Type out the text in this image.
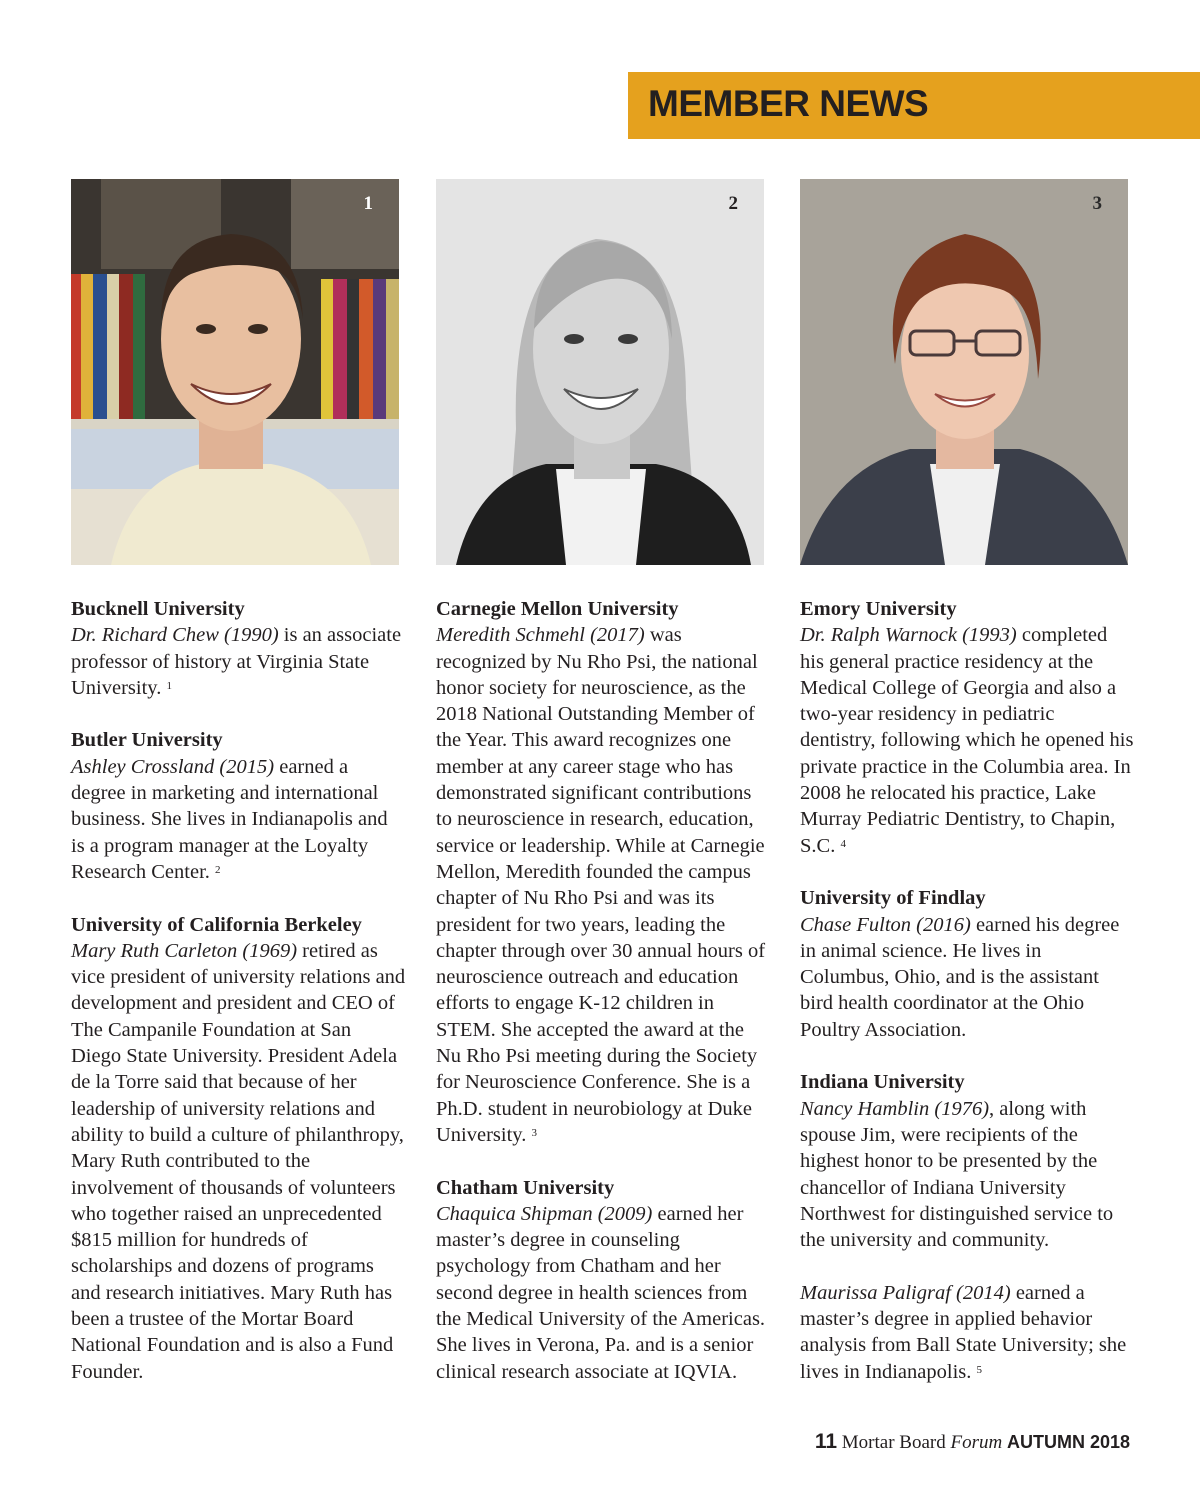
MEMBER NEWS
1	2	3
Bucknell University

Dr. Richard Chew (1990) is an associate professor of history at Virginia State University. $^1$

Butler University

Ashley Crossland (2015) earned a degree in marketing and international business. She lives in Indianapolis and is a program manager at the Loyalty Research Center. $^2$

University of California Berkeley

Mary Ruth Carleton (1969) retired as vice president of university relations and development and president and CEO of The Campanile Foundation at San Diego State University. President Adela de la Torre said that because of her leadership of university relations and ability to build a culture of philanthropy, Mary Ruth contributed to the involvement of thousands of volunteers who together raised an unprecedented $815 million for hundreds of scholarships and dozens of programs and research initiatives. Mary Ruth has been a trustee of the Mortar Board National Foundation and is also a Fund Founder.

Carnegie Mellon University

Meredith Schmehl (2017) was recognized by Nu Rho Psi, the national honor society for neuroscience, as the 2018 National Outstanding Member of the Year. This award recognizes one member at any career stage who has demonstrated significant contributions to neuroscience in research, education, service or leadership. While at Carnegie Mellon, Meredith founded the campus chapter of Nu Rho Psi and was its president for two years, leading the chapter through over 30 annual hours of neuroscience outreach and education efforts to engage K-12 children in STEM. She accepted the award at the Nu Rho Psi meeting during the Society for Neuroscience Conference. She is a Ph.D. student in neurobiology at Duke University. $^3$

Chatham University

Chaquica Shipman (2009) earned her master’s degree in counseling psychology from Chatham and her second degree in health sciences from the Medical University of the Americas. She lives in Verona, Pa. and is a senior clinical research associate at IQVIA.

Emory University

Dr. Ralph Warnock (1993) completed his general practice residency at the Medical College of Georgia and also a two-year residency in pediatric dentistry, following which he opened his private practice in the Columbia area. In 2008 he relocated his practice, Lake Murray Pediatric Dentistry, to Chapin, S.C. $^4$

University of Findlay

Chase Fulton (2016) earned his degree in animal science. He lives in Columbus, Ohio, and is the assistant bird health coordinator at the Ohio Poultry Association.

Indiana University

Nancy Hamblin (1976), along with spouse Jim, were recipients of the highest honor to be presented by the chancellor of Indiana University Northwest for distinguished service to the university and community.

Maurissa Paligraf (2014) earned a master’s degree in applied behavior analysis from Ball State University; she lives in Indianapolis. $^5$

11 Mortar Board Forum AUTUMN 2018
